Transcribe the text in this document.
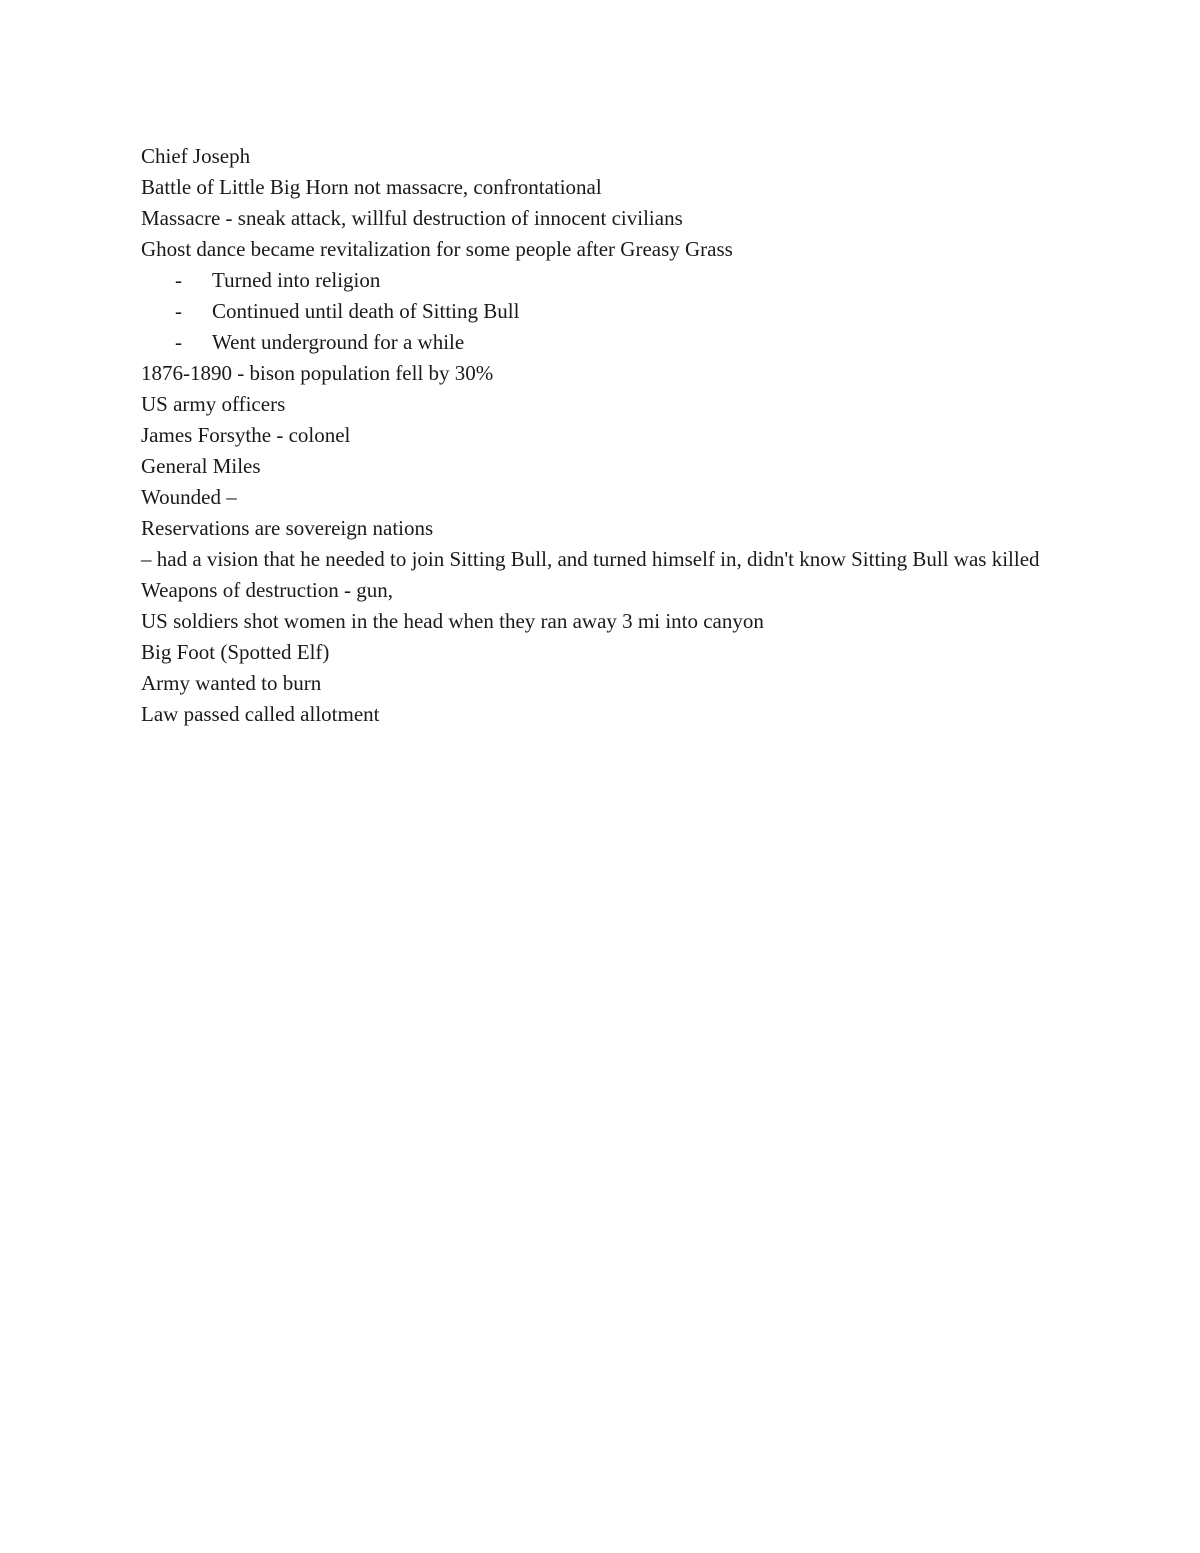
Chief Joseph

Battle of Little Big Horn not massacre, confrontational

Massacre - sneak attack, willful destruction of innocent civilians

Ghost dance became revitalization for some people after Greasy Grass

- Turned into religion
- Continued until death of Sitting Bull
- Went underground for a while

1876-1890 - bison population fell by 30%

US army officers

James Forsythe - colonel

General Miles

Wounded –

Reservations are sovereign nations

– had a vision that he needed to join Sitting Bull, and turned himself in, didn't know Sitting Bull was killed

Weapons of destruction - gun,

US soldiers shot women in the head when they ran away 3 mi into canyon

Big Foot (Spotted Elf)

Army wanted to burn

Law passed called allotment
